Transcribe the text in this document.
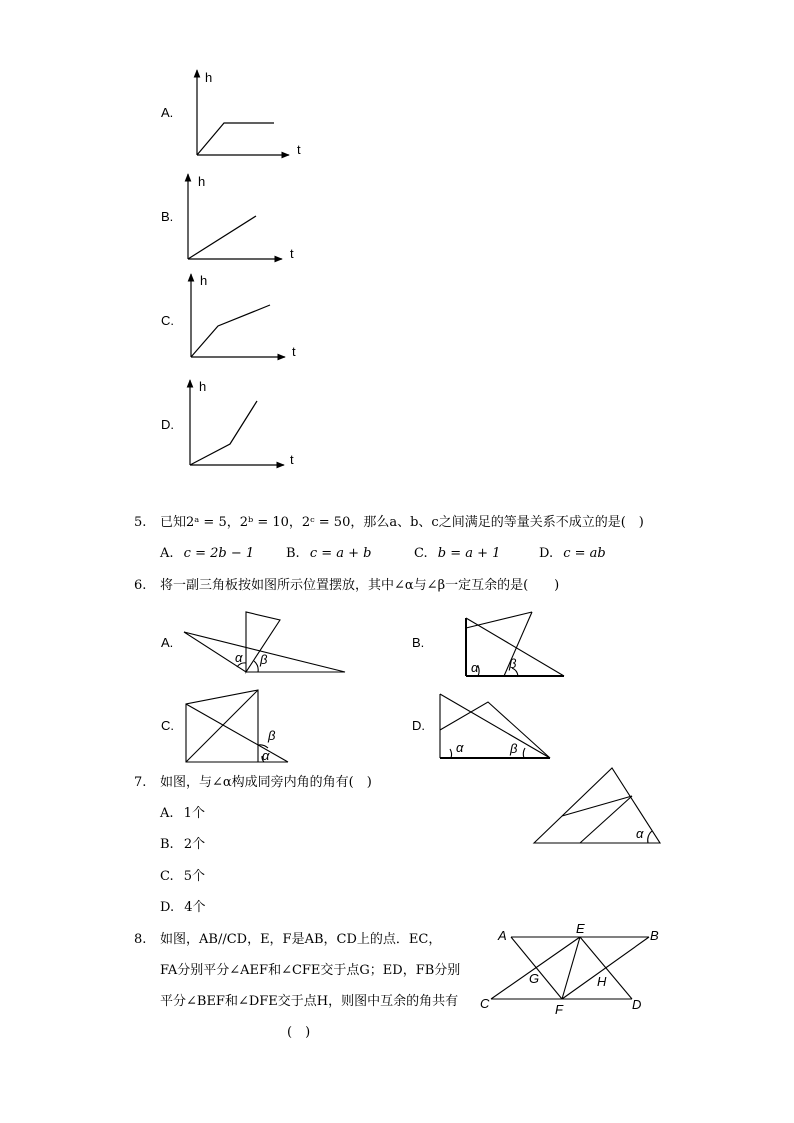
A.
h
t
B.
h
t
C.
h
t
D.
h
t
5. 已知2ᵃ = 5，2ᵇ = 10，2ᶜ = 50，那么a、b、c之间满足的等量关系不成立的是(　)
A. c = 2b − 1 B. c = a + b	C. b = a + 1	D. c = ab
6. 将一副三角板按如图所示位置摆放，其中∠α与∠β一定互余的是(　　)
A.	B.
C.	D.
α β
α β
β
α
α	β
7. 如图，与∠α构成同旁内角的角有(　)
A. 1个
B. 2个
C. 5个
D. 4个
α
8. 如图，AB//CD，E，F是AB，CD上的点．EC，
FA分别平分∠AEF和∠CFE交于点G；ED，FB分别
平分∠BEF和∠DFE交于点H，则图中互余的角共有
(　)
A	E	B
G	H
C	F	D
